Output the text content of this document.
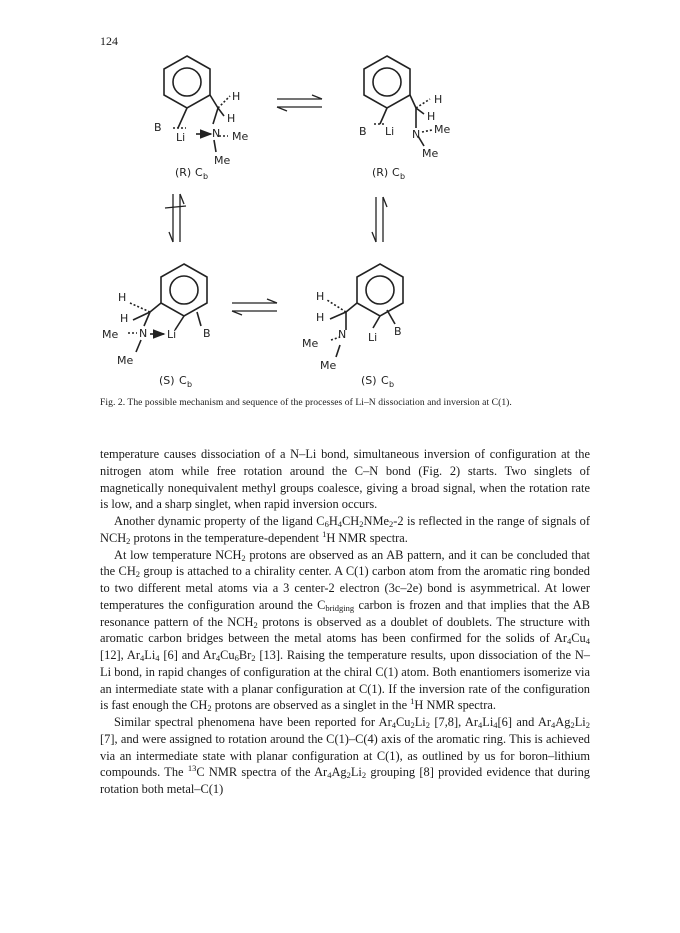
124
H
H
B
Li N Me
Me
(R) C b
H
H
B Li N Me
Me
(R) C b
H
H
Me N Li B
Me
(S) C b
H
H
Me
N Li B
Me
(S) C b
Fig. 2. The possible mechanism and sequence of the processes of Li–N dissociation and inversion at C(1).

temperature causes dissociation of a N–Li bond, simultaneous inversion of configuration at the nitrogen atom while free rotation around the C–N bond (Fig. 2) starts. Two singlets of magnetically nonequivalent methyl groups coalesce, giving a broad signal, when the rotation rate is low, and a sharp singlet, when rapid inversion occurs.

Another dynamic property of the ligand $C_6H_4CH_2NMe_2-2$ is reflected in the range of signals of $NCH_2$ protons in the temperature-dependent $^1$H NMR spectra.

At low temperature $NCH_2$ protons are observed as an AB pattern, and it can be concluded that the $CH_2$ group is attached to a chirality center. A C(1) carbon atom from the aromatic ring bonded to two different metal atoms via a 3 center-2 electron (3c–2e) bond is asymmetrical. At lower temperatures the configuration around the $C_{bridging}$ carbon is frozen and that implies that the AB resonance pattern of the $NCH_2$ protons is observed as a doublet of doublets. The structure with aromatic carbon bridges between the metal atoms has been confirmed for the solids of $Ar_4Cu_4$ [12], $Ar_4Li_4$ [6] and $Ar_4Cu_6Br_2$ [13]. Raising the temperature results, upon dissociation of the N–Li bond, in rapid changes of configuration at the chiral C(1) atom. Both enantiomers isomerize via an intermediate state with a planar configuration at C(1). If the inversion rate of the configuration is fast enough the $CH_2$ protons are observed as a singlet in the $^1$H NMR spectra.

Similar spectral phenomena have been reported for $Ar_4Cu_2Li_2$ [7,8], $Ar_4Li_4[6]$ and $Ar_4Ag_2Li_2$ [7], and were assigned to rotation around the C(1)–C(4) axis of the aromatic ring. This is achieved via an intermediate state with planar configuration at C(1), as outlined by us for boron–lithium compounds. The $^{13}$C NMR spectra of the $Ar_4Ag_2Li_2$ grouping [8] provided evidence that during rotation both metal–C(1)
